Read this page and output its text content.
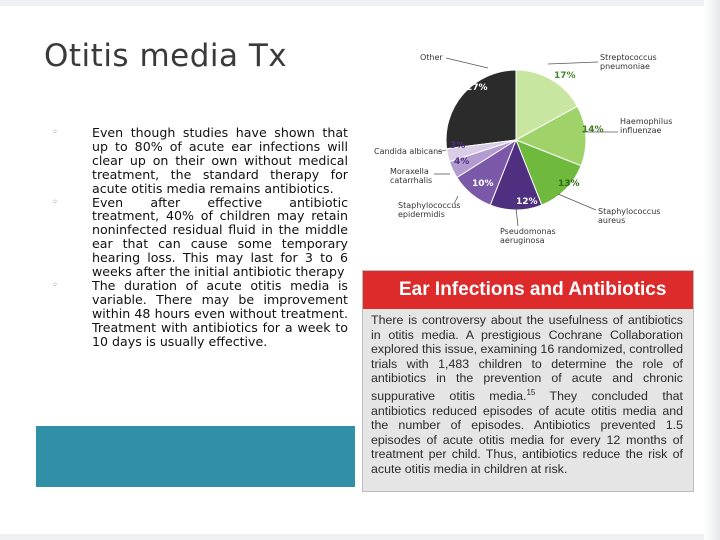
Otitis media Tx
◦	Even though studies have shown that up to 80% of acute ear infections will clear up on their own without medical treatment, the standard therapy for acute otitis media remains antibiotics.
◦	Even after effective antibiotic treatment, 40% of children may retain noninfected residual fluid in the middle ear that can cause some temporary hearing loss. This may last for 3 to 6 weeks after the initial antibiotic therapy
◦	The duration of acute otitis media is variable. There may be improvement within 48 hours even without treatment. Treatment with antibiotics for a week to 10 days is usually effective.
Other	Streptococcus pneumoniae
Haemophilus influenzae
Staphylococcus aureus
Pseudomonas aeruginosa
Staphylococcus epidermidis
Moraxella catarrhalis
Candida albicans
27%
17%
14%
13%
12%
10%
3%
4%
Ear Infections and Antibiotics

There is controversy about the usefulness of antibiotics in otitis media. A prestigious Cochrane Collaboration explored this issue, examining 16 randomized, controlled trials with 1,483 children to determine the role of antibiotics in the prevention of acute and chronic suppurative otitis media.$^{15}$ They concluded that antibiotics reduced episodes of acute otitis media and the number of episodes. Antibiotics prevented 1.5 episodes of acute otitis media for every 12 months of treatment per child. Thus, antibiotics reduce the risk of acute otitis media in children at risk.
